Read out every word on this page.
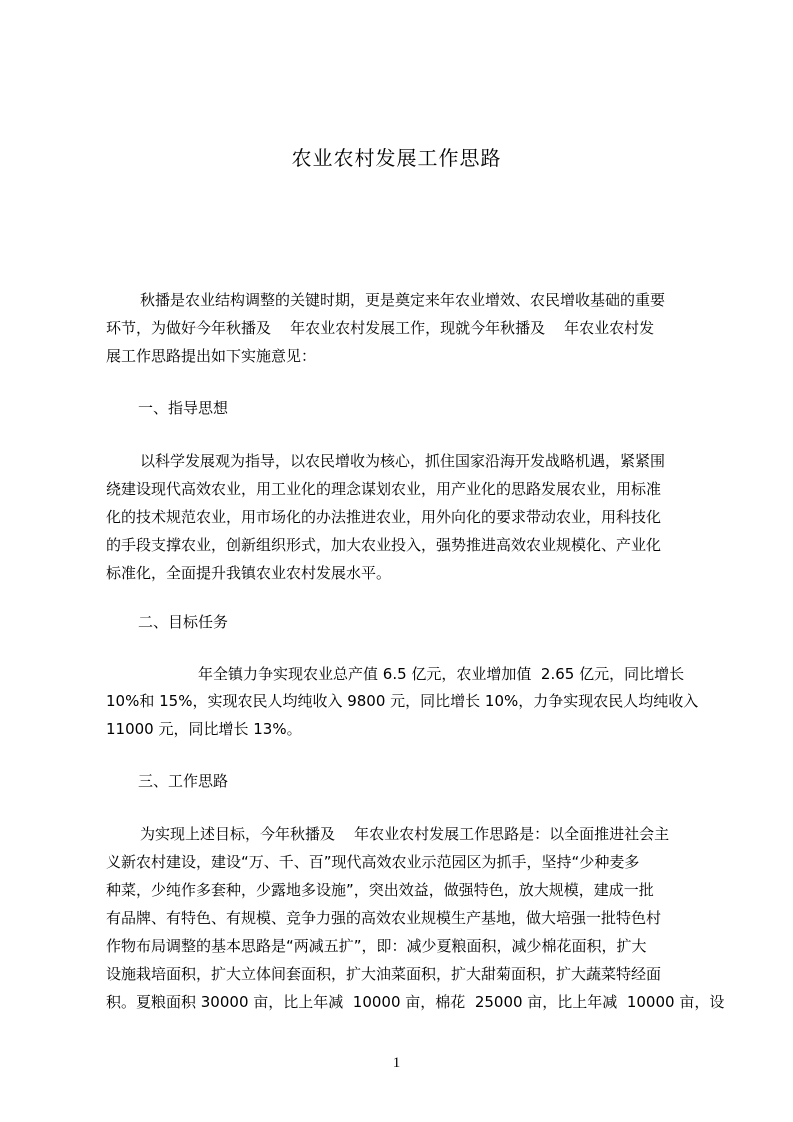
农业农村发展工作思路
秋播是农业结构调整的关键时期，更是奠定来年农业增效、农民增收基础的重要
环节，为做好今年秋播及    年农业农村发展工作，现就今年秋播及    年农业农村发
展工作思路提出如下实施意见：
一、指导思想
以科学发展观为指导，以农民增收为核心，抓住国家沿海开发战略机遇，紧紧围
绕建设现代高效农业，用工业化的理念谋划农业，用产业化的思路发展农业，用标准
化的技术规范农业，用市场化的办法推进农业，用外向化的要求带动农业，用科技化
的手段支撑农业，创新组织形式，加大农业投入，强势推进高效农业规模化、产业化
标准化，全面提升我镇农业农村发展水平。
二、目标任务
年全镇力争实现农业总产值 6.5 亿元，农业增加值  2.65 亿元，同比增长
10%和 15%，实现农民人均纯收入 9800 元，同比增长 10%，力争实现农民人均纯收入
11000 元，同比增长 13%。
三、工作思路
为实现上述目标，今年秋播及    年农业农村发展工作思路是：以全面推进社会主
义新农村建设，建设“万、千、百”现代高效农业示范园区为抓手，坚持“少种麦多
种菜，少纯作多套种，少露地多设施”，突出效益，做强特色，放大规模，建成一批
有品牌、有特色、有规模、竞争力强的高效农业规模生产基地，做大培强一批特色村
作物布局调整的基本思路是“两减五扩”，即：减少夏粮面积，减少棉花面积，扩大
设施栽培面积，扩大立体间套面积，扩大油菜面积，扩大甜菊面积，扩大蔬菜特经面
积。夏粮面积 30000 亩，比上年减  10000 亩，棉花  25000 亩，比上年减  10000 亩，设
1
